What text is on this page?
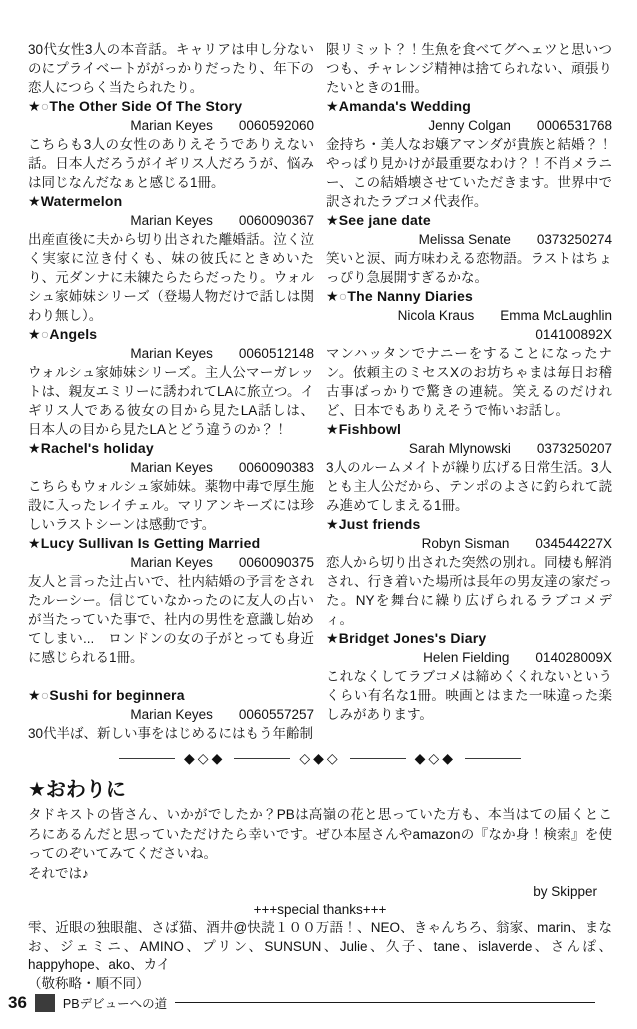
30代女性3人の本音話。キャリアは申し分ないのにプライベートががっかりだったり、年下の恋人につらく当たられたり。
★○The Other Side Of The Story
Marian Keyes 0060592060
こちらも3人の女性のありえそうでありえない話。日本人だろうがイギリス人だろうが、悩みは同じなんだなぁと感じる1冊。
★Watermelon
Marian Keyes 0060090367
出産直後に夫から切り出された離婚話。泣く泣く実家に泣き付くも、妹の彼氏にときめいたり、元ダンナに未練たらたらだったり。ウォルシュ家姉妹シリーズ（登場人物だけで話しは関わり無し）。
★○Angels
Marian Keyes 0060512148
ウォルシュ家姉妹シリーズ。主人公マーガレットは、親友エミリーに誘われてLAに旅立つ。イギリス人である彼女の目から見たLA話しは、日本人の目から見たLAとどう違うのか？！
★Rachel's holiday
Marian Keyes 0060090383
こちらもウォルシュ家姉妹。薬物中毒で厚生施設に入ったレイチェル。マリアンキーズには珍しいラストシーンは感動です。
★Lucy Sullivan Is Getting Married
Marian Keyes 0060090375
友人と言った辻占いで、社内結婚の予言をされたルーシー。信じていなかったのに友人の占いが当たっていた事で、社内の男性を意識し始めてしまい...　ロンドンの女の子がとっても身近に感じられる1冊。
★○Sushi for beginnera
Marian Keyes 0060557257
30代半ば、新しい事をはじめるにはもう年齢制
限リミット？！生魚を食べてグヘェツと思いつつも、チャレンジ精神は捨てられない、頑張りたいときの1冊。
★Amanda's Wedding
Jenny Colgan 0006531768
金持ち・美人なお嬢アマンダが貴族と結婚？！やっぱり見かけが最重要なわけ？！不肖メラニー、この結婚壊させていただきます。世界中で訳されたラブコメ代表作。
★See jane date
Melissa Senate 0373250274
笑いと涙、両方味わえる恋物語。ラストはちょっぴり急展開すぎるかな。
★○The Nanny Diaries
Nicola Kraus Emma McLaughlin
014100892X
マンハッタンでナニーをすることになったナン。依頼主のミセスXのお坊ちゃまは毎日お稽古事ばっかりで驚きの連続。笑えるのだけれど、日本でもありえそうで怖いお話し。
★Fishbowl
Sarah Mlynowski 0373250207
3人のルームメイトが繰り広げる日常生活。3人とも主人公だから、テンポのよさに釣られて読み進めてしまえる1冊。
★Just friends
Robyn Sisman 034544227X
恋人から切り出された突然の別れ。同棲も解消され、行き着いた場所は長年の男友達の家だった。NYを舞台に繰り広げられるラブコメディ。
★Bridget Jones's Diary
Helen Fielding 014028009X
これなくしてラブコメは締めくくれないというくらい有名な1冊。映画とはまた一味違った楽しみがあります。
◆◇◆	◇◆◇	◆◇◆
★おわりに

タドキストの皆さん、いかがでしたか？PBは高嶺の花と思っていた方も、本当はての届くところにあるんだと思っていただけたら幸いです。ぜひ本屋さんやamazonの『なか身！検索』を使ってのぞいてみてくださいね。

それでは♪

by Skipper

+++special thanks+++

雫、近眼の独眼龍、さば猫、酒井@快読１００万語！、NEO、きゃんちろ、翁家、marin、まなお、ジェミニ、AMINO、プリン、SUNSUN、Julie、久子、tane、islaverde、さんぽ、happyhope、ako、カイ

（敬称略・順不同）

36	PBデビューへの道
